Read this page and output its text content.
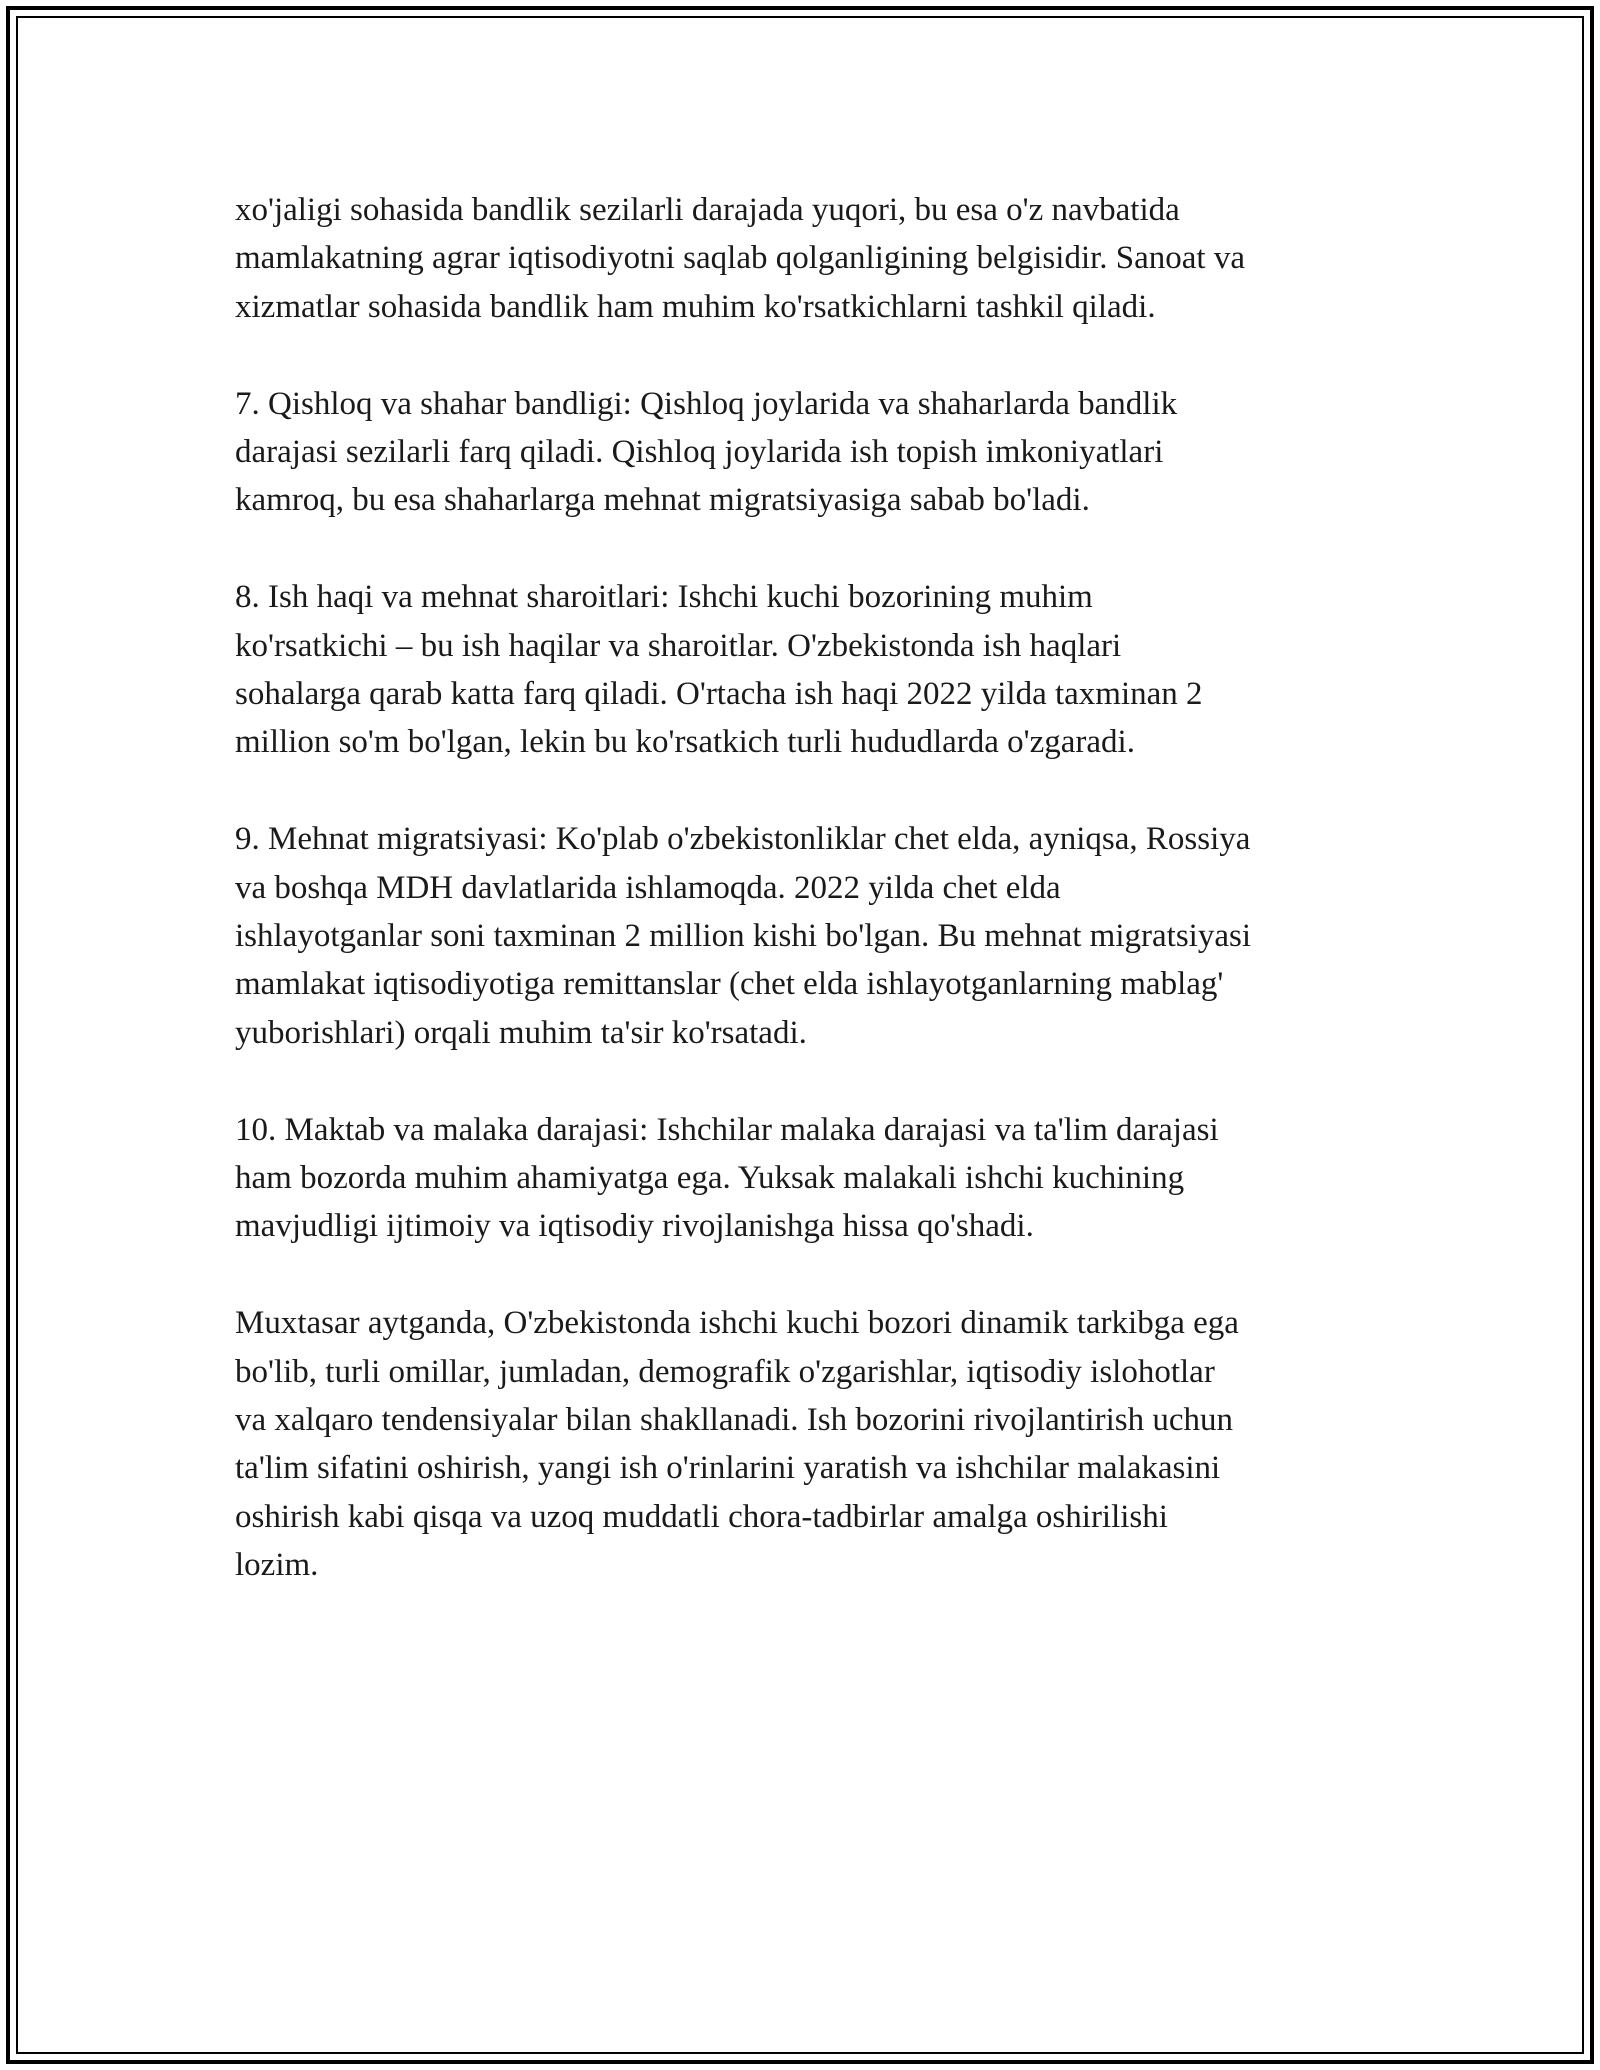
xo'jaligi sohasida bandlik sezilarli darajada yuqori, bu esa o'z navbatida
mamlakatning agrar iqtisodiyotni saqlab qolganligining belgisidir. Sanoat va
xizmatlar sohasida bandlik ham muhim ko'rsatkichlarni tashkil qiladi.

7. Qishloq va shahar bandligi: Qishloq joylarida va shaharlarda bandlik
darajasi sezilarli farq qiladi. Qishloq joylarida ish topish imkoniyatlari
kamroq, bu esa shaharlarga mehnat migratsiyasiga sabab bo'ladi.

8. Ish haqi va mehnat sharoitlari: Ishchi kuchi bozorining muhim
ko'rsatkichi – bu ish haqilar va sharoitlar. O'zbekistonda ish haqlari
sohalarga qarab katta farq qiladi. O'rtacha ish haqi 2022 yilda taxminan 2
million so'm bo'lgan, lekin bu ko'rsatkich turli hududlarda o'zgaradi.

9. Mehnat migratsiyasi: Ko'plab o'zbekistonliklar chet elda, ayniqsa, Rossiya
va boshqa MDH davlatlarida ishlamoqda. 2022 yilda chet elda
ishlayotganlar soni taxminan 2 million kishi bo'lgan. Bu mehnat migratsiyasi
mamlakat iqtisodiyotiga remittanslar (chet elda ishlayotganlarning mablag'
yuborishlari) orqali muhim ta'sir ko'rsatadi.

10. Maktab va malaka darajasi: Ishchilar malaka darajasi va ta'lim darajasi
ham bozorda muhim ahamiyatga ega. Yuksak malakali ishchi kuchining
mavjudligi ijtimoiy va iqtisodiy rivojlanishga hissa qo'shadi.

Muxtasar aytganda, O'zbekistonda ishchi kuchi bozori dinamik tarkibga ega
bo'lib, turli omillar, jumladan, demografik o'zgarishlar, iqtisodiy islohotlar
va xalqaro tendensiyalar bilan shakllanadi. Ish bozorini rivojlantirish uchun
ta'lim sifatini oshirish, yangi ish o'rinlarini yaratish va ishchilar malakasini
oshirish kabi qisqa va uzoq muddatli chora-tadbirlar amalga oshirilishi
lozim.
